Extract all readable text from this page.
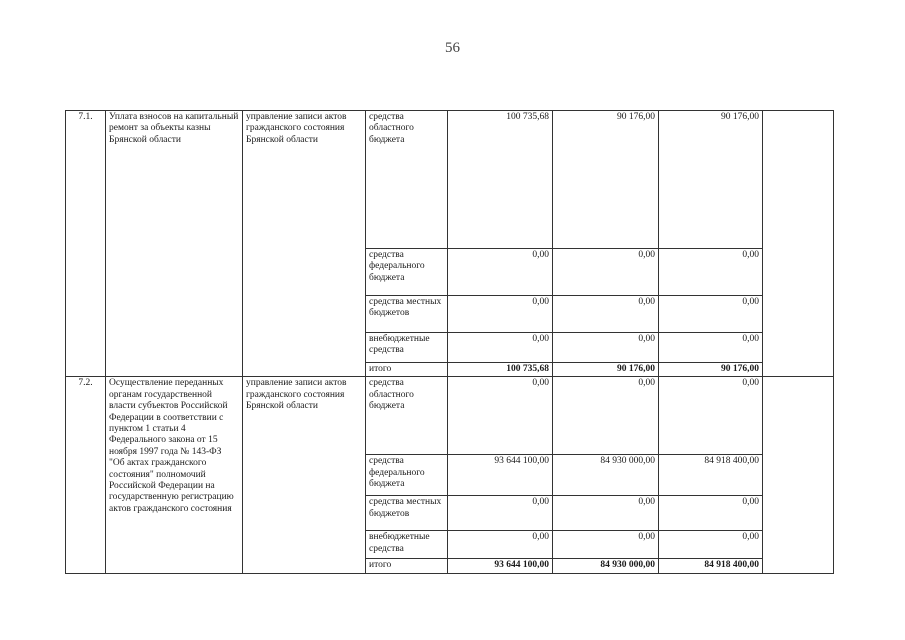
56
7.1.	Уплата взносов на капитальный ремонт за объекты казны Брянской области	управление записи актов гражданского состояния Брянской области	средства областного бюджета	100 735,68	90 176,00	90 176,00	
			средства федерального бюджета	0,00	0,00	0,00	
			средства местных бюджетов	0,00	0,00	0,00	
			внебюджетные средства	0,00	0,00	0,00	
			итого	100 735,68	90 176,00	90 176,00	
7.2.	Осуществление переданных органам государственной власти субъектов Российской Федерации в соответствии с пунктом 1 статьи 4 Федерального закона от 15 ноября 1997 года № 143-ФЗ "Об актах гражданского состояния" полномочий Российской Федерации на государственную регистрацию актов гражданского состояния	управление записи актов гражданского состояния Брянской области	средства областного бюджета	0,00	0,00	0,00	
			средства федерального бюджета	93 644 100,00	84 930 000,00	84 918 400,00	
			средства местных бюджетов	0,00	0,00	0,00	
			внебюджетные средства	0,00	0,00	0,00	
			итого	93 644 100,00	84 930 000,00	84 918 400,00	
